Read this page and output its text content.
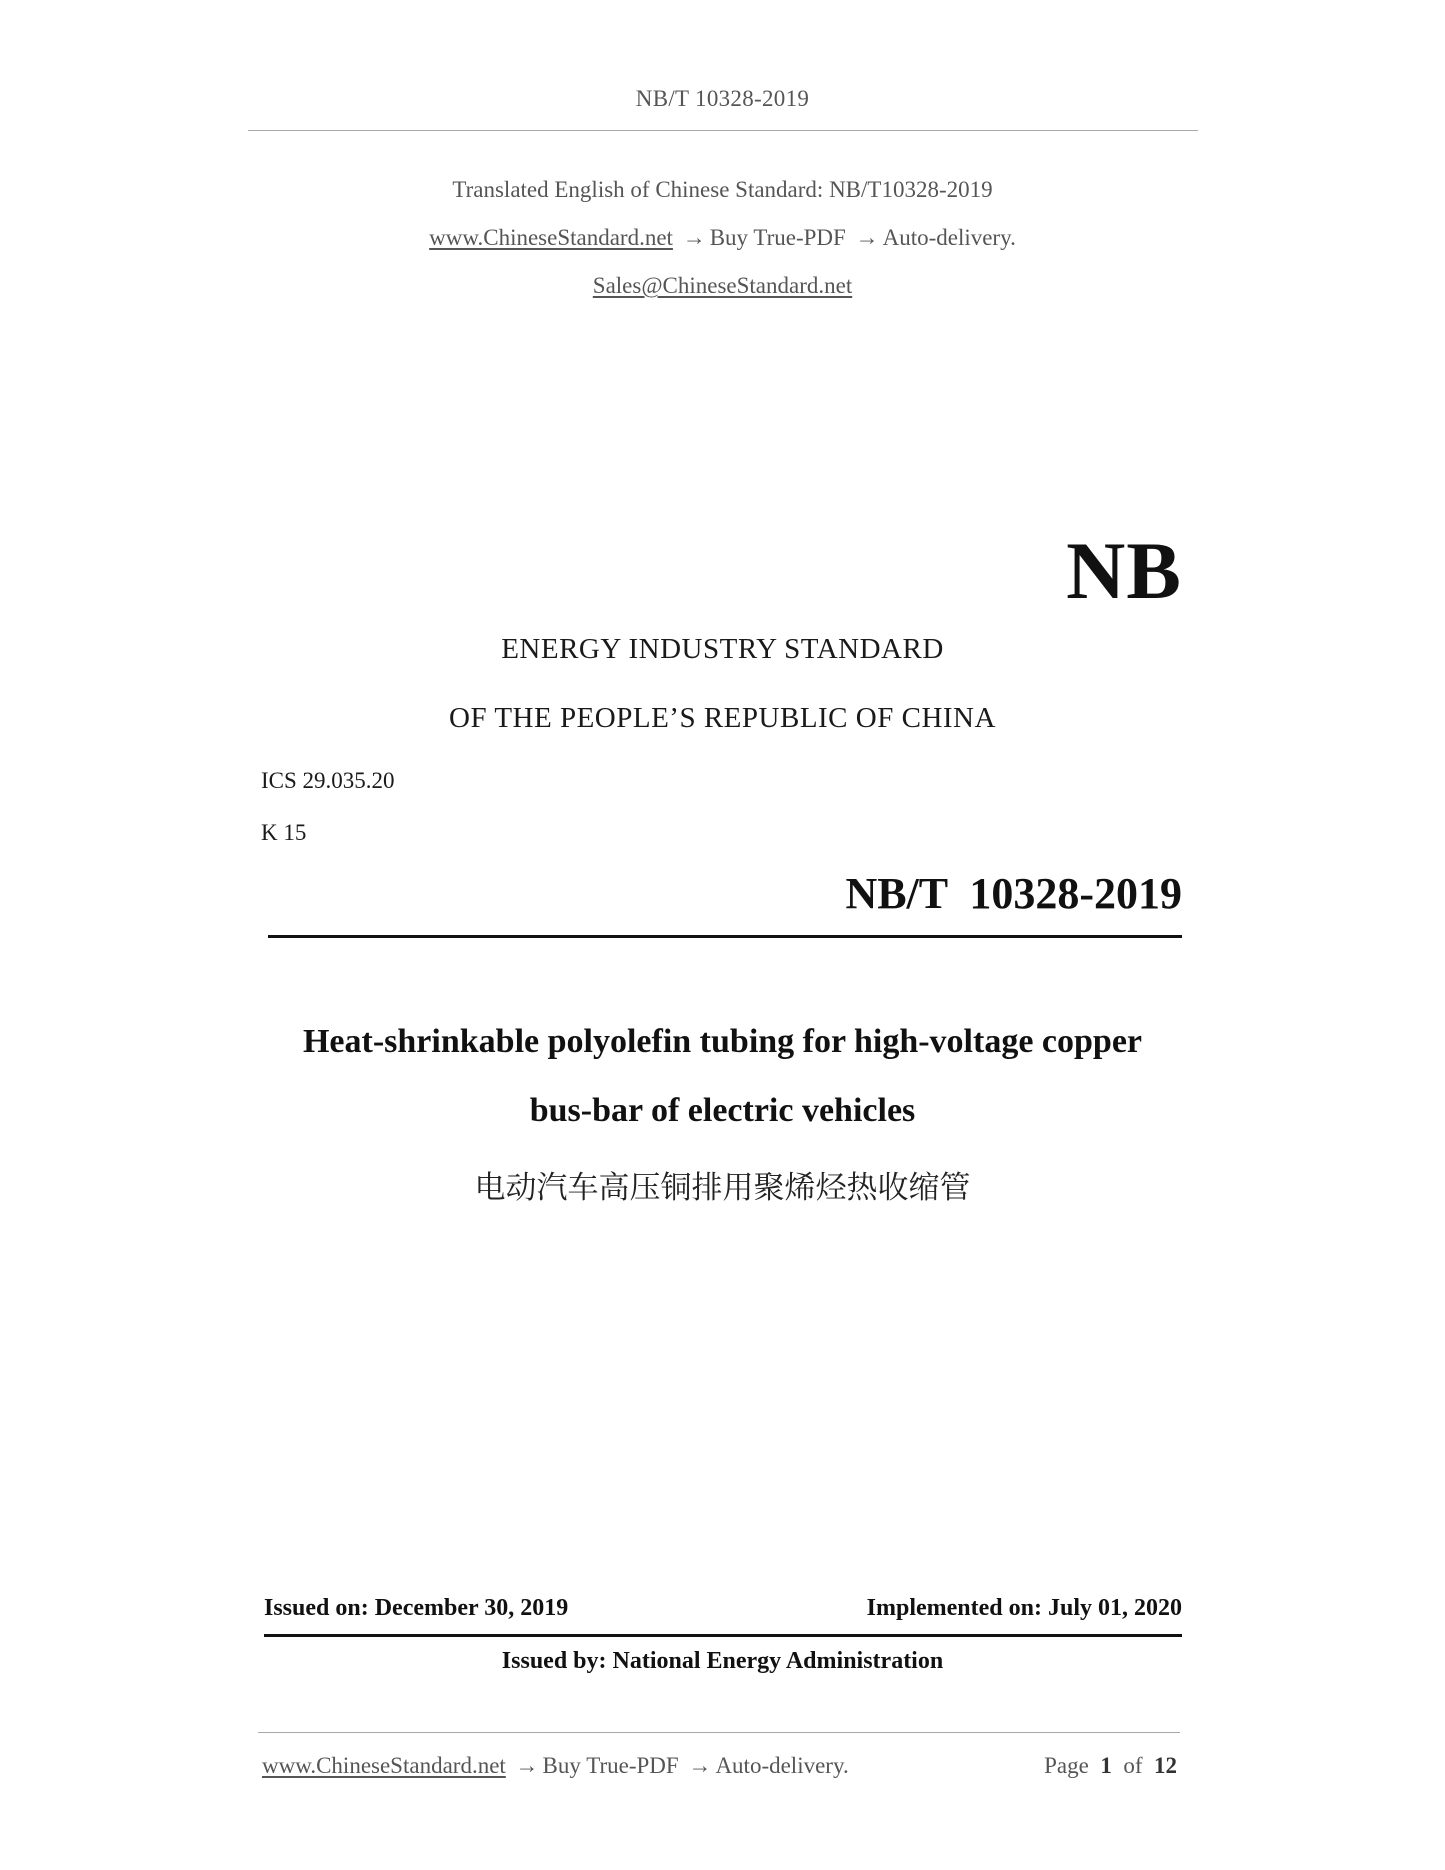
NB/T 10328-2019
Translated English of Chinese Standard: NB/T10328-2019
www.ChineseStandard.net → Buy True-PDF → Auto-delivery.
Sales@ChineseStandard.net
NB
ENERGY INDUSTRY STANDARD
OF THE PEOPLE’S REPUBLIC OF CHINA
ICS 29.035.20
K 15
NB/T  10328-2019
Heat-shrinkable polyolefin tubing for high-voltage copper
bus-bar of electric vehicles
电动汽车高压铜排用聚烯烃热收缩管
Issued on: December 30, 2019	Implemented on: July 01, 2020
Issued by: National Energy Administration
www.ChineseStandard.net → Buy True-PDF → Auto-delivery.	Page 1 of 12
